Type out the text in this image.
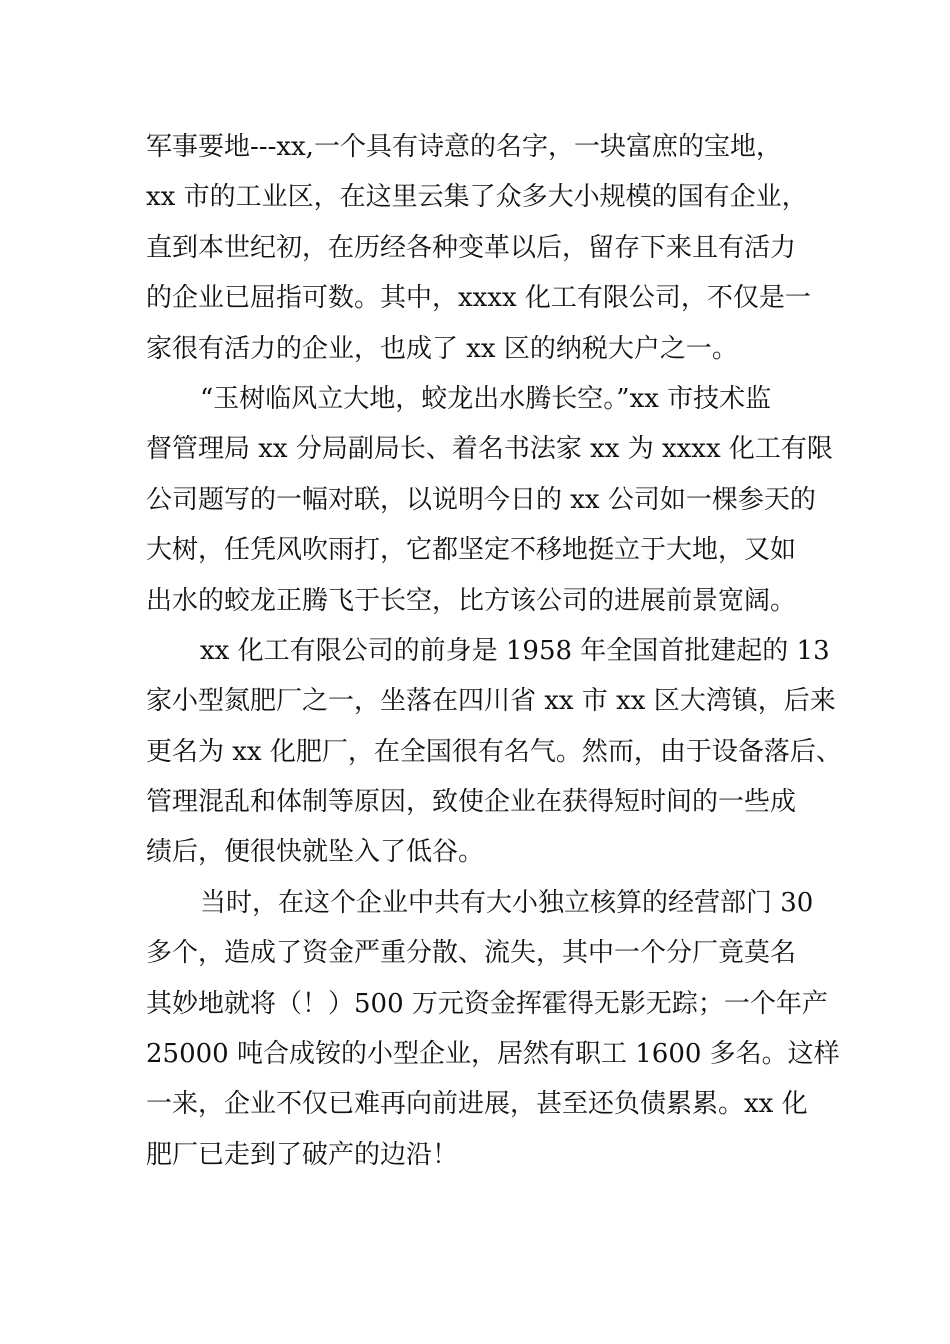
军事要地---xx,一个具有诗意的名字，一块富庶的宝地，
xx 市的工业区，在这里云集了众多大小规模的国有企业，
直到本世纪初，在历经各种变革以后，留存下来且有活力
的企业已屈指可数。其中，xxxx 化工有限公司，不仅是一
家很有活力的企业，也成了 xx 区的纳税大户之一。
“玉树临风立大地，蛟龙出水腾长空。”xx 市技术监
督管理局 xx 分局副局长、着名书法家 xx 为 xxxx 化工有限
公司题写的一幅对联，以说明今日的 xx 公司如一棵参天的
大树，任凭风吹雨打，它都坚定不移地挺立于大地，又如
出水的蛟龙正腾飞于长空，比方该公司的进展前景宽阔。
xx 化工有限公司的前身是 1958 年全国首批建起的 13
家小型氮肥厂之一，坐落在四川省 xx 市 xx 区大湾镇，后来
更名为 xx 化肥厂，在全国很有名气。然而，由于设备落后、
管理混乱和体制等原因，致使企业在获得短时间的一些成
绩后，便很快就坠入了低谷。
当时，在这个企业中共有大小独立核算的经营部门 30
多个，造成了资金严重分散、流失，其中一个分厂竟莫名
其妙地就将（！）500 万元资金挥霍得无影无踪；一个年产
25000 吨合成铵的小型企业，居然有职工 1600 多名。这样
一来，企业不仅已难再向前进展，甚至还负债累累。xx 化
肥厂已走到了破产的边沿！
